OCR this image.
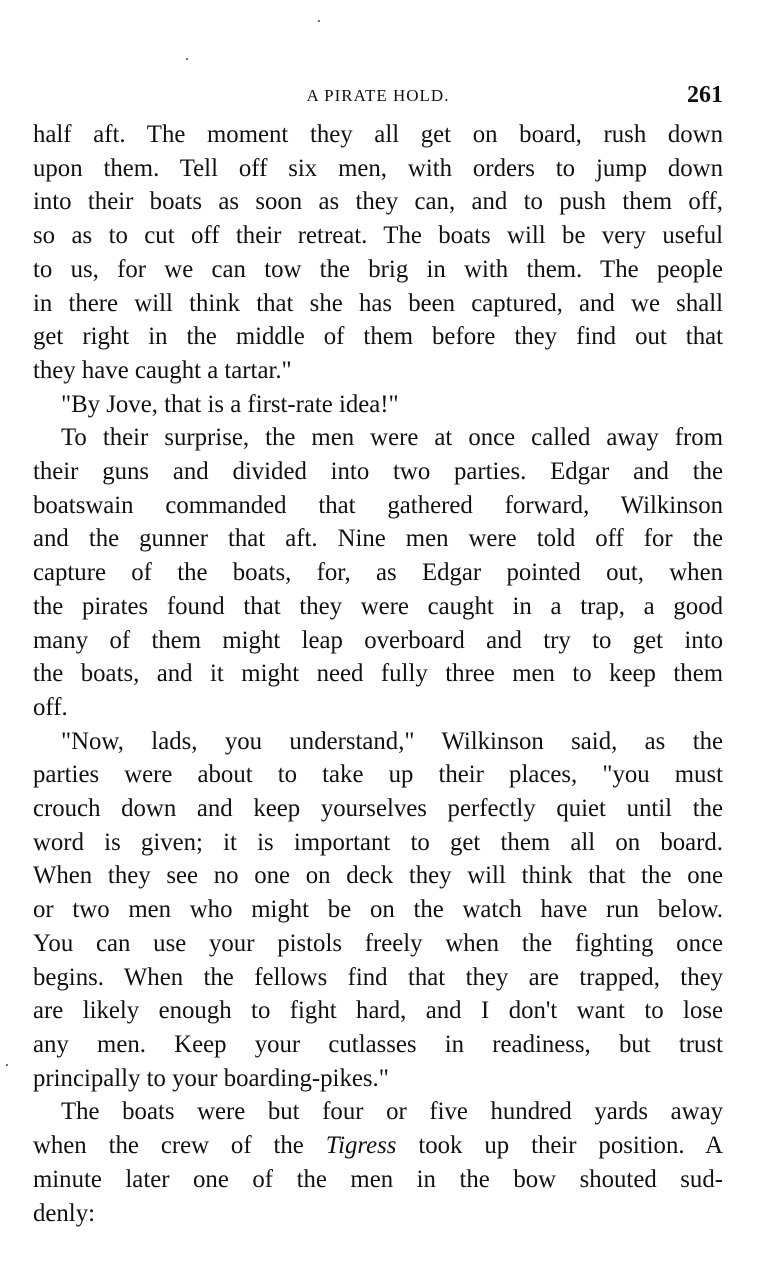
A PIRATE HOLD.	261
half aft. The moment they all get on board, rush down
upon them. Tell off six men, with orders to jump down
into their boats as soon as they can, and to push them off,
so as to cut off their retreat. The boats will be very useful
to us, for we can tow the brig in with them. The people
in there will think that she has been captured, and we shall
get right in the middle of them before they find out that
they have caught a tartar."
"By Jove, that is a first-rate idea!"
To their surprise, the men were at once called away from
their guns and divided into two parties. Edgar and the
boatswain commanded that gathered forward, Wilkinson
and the gunner that aft. Nine men were told off for the
capture of the boats, for, as Edgar pointed out, when
the pirates found that they were caught in a trap, a good
many of them might leap overboard and try to get into
the boats, and it might need fully three men to keep them
off.
"Now, lads, you understand," Wilkinson said, as the
parties were about to take up their places, "you must
crouch down and keep yourselves perfectly quiet until the
word is given; it is important to get them all on board.
When they see no one on deck they will think that the one
or two men who might be on the watch have run below.
You can use your pistols freely when the fighting once
begins. When the fellows find that they are trapped, they
are likely enough to fight hard, and I don't want to lose
any men. Keep your cutlasses in readiness, but trust
principally to your boarding-pikes."
The boats were but four or five hundred yards away
when the crew of the Tigress took up their position. A
minute later one of the men in the bow shouted sud-
denly:
